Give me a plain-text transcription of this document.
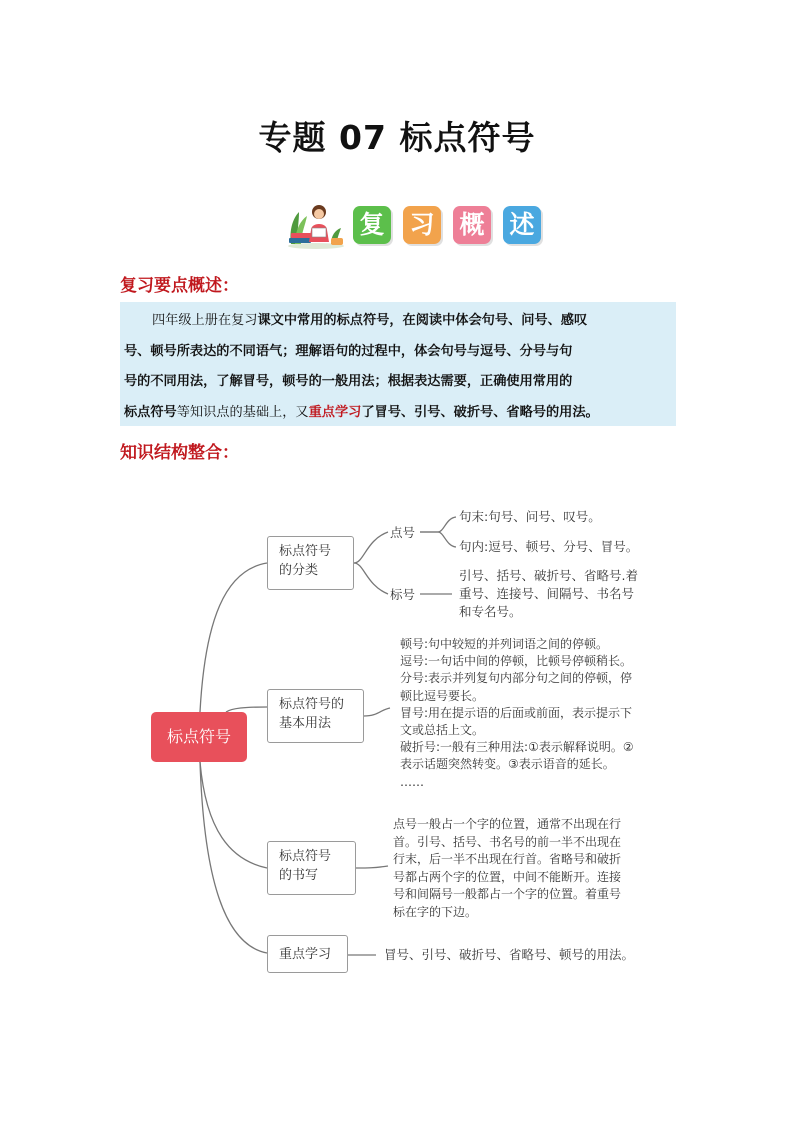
专题 07 标点符号
复 习 概 述
复习要点概述：
四年级上册在复习课文中常用的标点符号，在阅读中体会句号、问号、感叹
号、顿号所表达的不同语气；理解语句的过程中，体会句号与逗号、分号与句
号的不同用法，了解冒号，顿号的一般用法；根据表达需要，正确使用常用的
标点符号等知识点的基础上，又重点学习了冒号、引号、破折号、省略号的用法。
知识结构整合：
标点符号
标点符号
的分类
标点符号的
基本用法
标点符号
的书写
重点学习
点号
标号
句末:句号、问号、叹号。
句内:逗号、顿号、分号、冒号。
引号、括号、破折号、省略号.着
重号、连接号、间隔号、书名号
和专名号。
顿号:句中较短的并列词语之间的停顿。
逗号:一句话中间的停顿，比顿号停顿稍长。
分号:表示并列复句内部分句之间的停顿，停
顿比逗号要长。
冒号:用在提示语的后面或前面，表示提示下
文或总括上文。
破折号:一般有三种用法:①表示解释说明。②
表示话题突然转变。③表示语音的延长。
……
点号一般占一个字的位置，通常不出现在行
首。引号、括号、书名号的前一半不出现在
行末，后一半不出现在行首。省略号和破折
号都占两个字的位置，中间不能断开。连接
号和间隔号一般都占一个字的位置。着重号
标在字的下边。
冒号、引号、破折号、省略号、顿号的用法。
